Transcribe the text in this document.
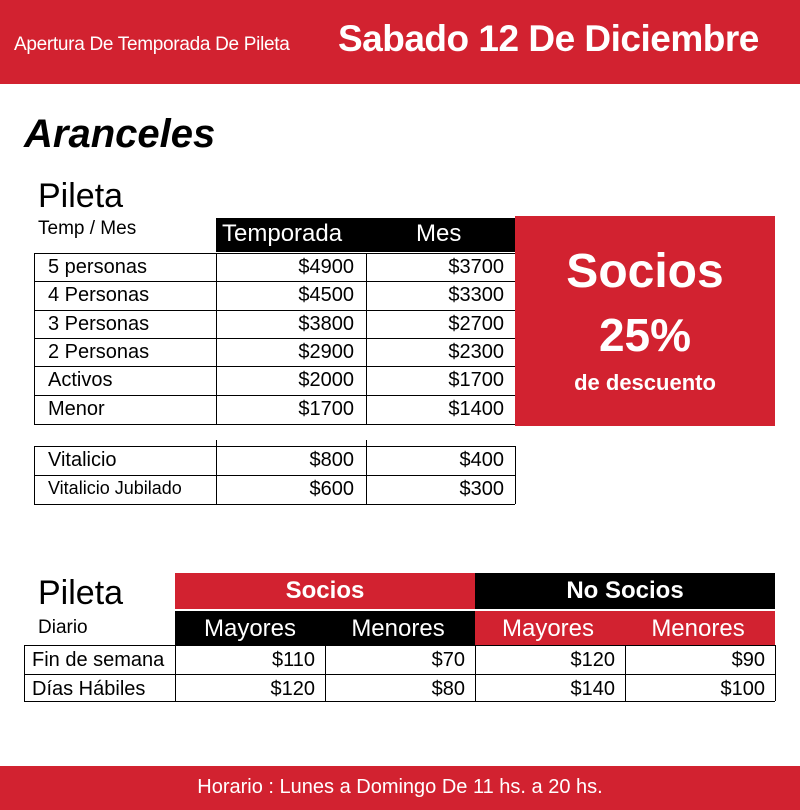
Apertura De Temporada De Pileta Sabado 12 De Diciembre
Aranceles
Pileta
Temp / Mes	Temporada	Mes
5 personas	$4900	$3700
4 Personas	$4500	$3300
3 Personas	$3800	$2700
2 Personas	$2900	$2300
Activos	$2000	$1700
Menor	$1700	$1400
Vitalicio	$800	$400
Vitalicio Jubilado	$600	$300
Socios
25%
de descuento
Pileta
Diario
Socios	No Socios
Mayores	Menores	Mayores	Menores
Fin de semana	$110	$70	$120	$90
Días Hábiles	$120	$80	$140	$100
Horario : Lunes a Domingo De 11 hs. a 20 hs.
